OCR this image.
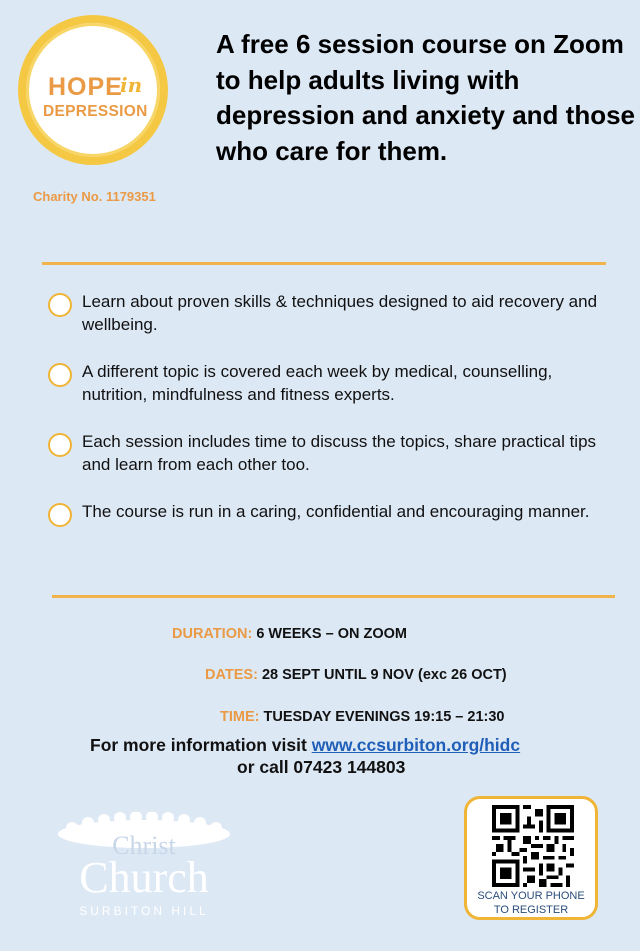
HOPE
in
DEPRESSION
Charity No. 1179351
A free 6 session course on Zoom to help adults living with depression and anxiety and those who care for them.
Learn about proven skills & techniques designed to aid recovery and wellbeing.
A different topic is covered each week by medical, counselling, nutrition, mindfulness and fitness experts.
Each session includes time to discuss the topics, share practical tips and learn from each other too.
The course is run in a caring, confidential and encouraging manner.
DURATION: 6 WEEKS – ON ZOOM
DATES: 28 SEPT UNTIL 9 NOV (exc 26 OCT)
TIME: TUESDAY EVENINGS 19:15 – 21:30
For more information visit www.ccsurbiton.org/hidc
or call 07423 144803
Christ
Church
SURBITON HILL
SCAN YOUR PHONE
TO REGISTER
